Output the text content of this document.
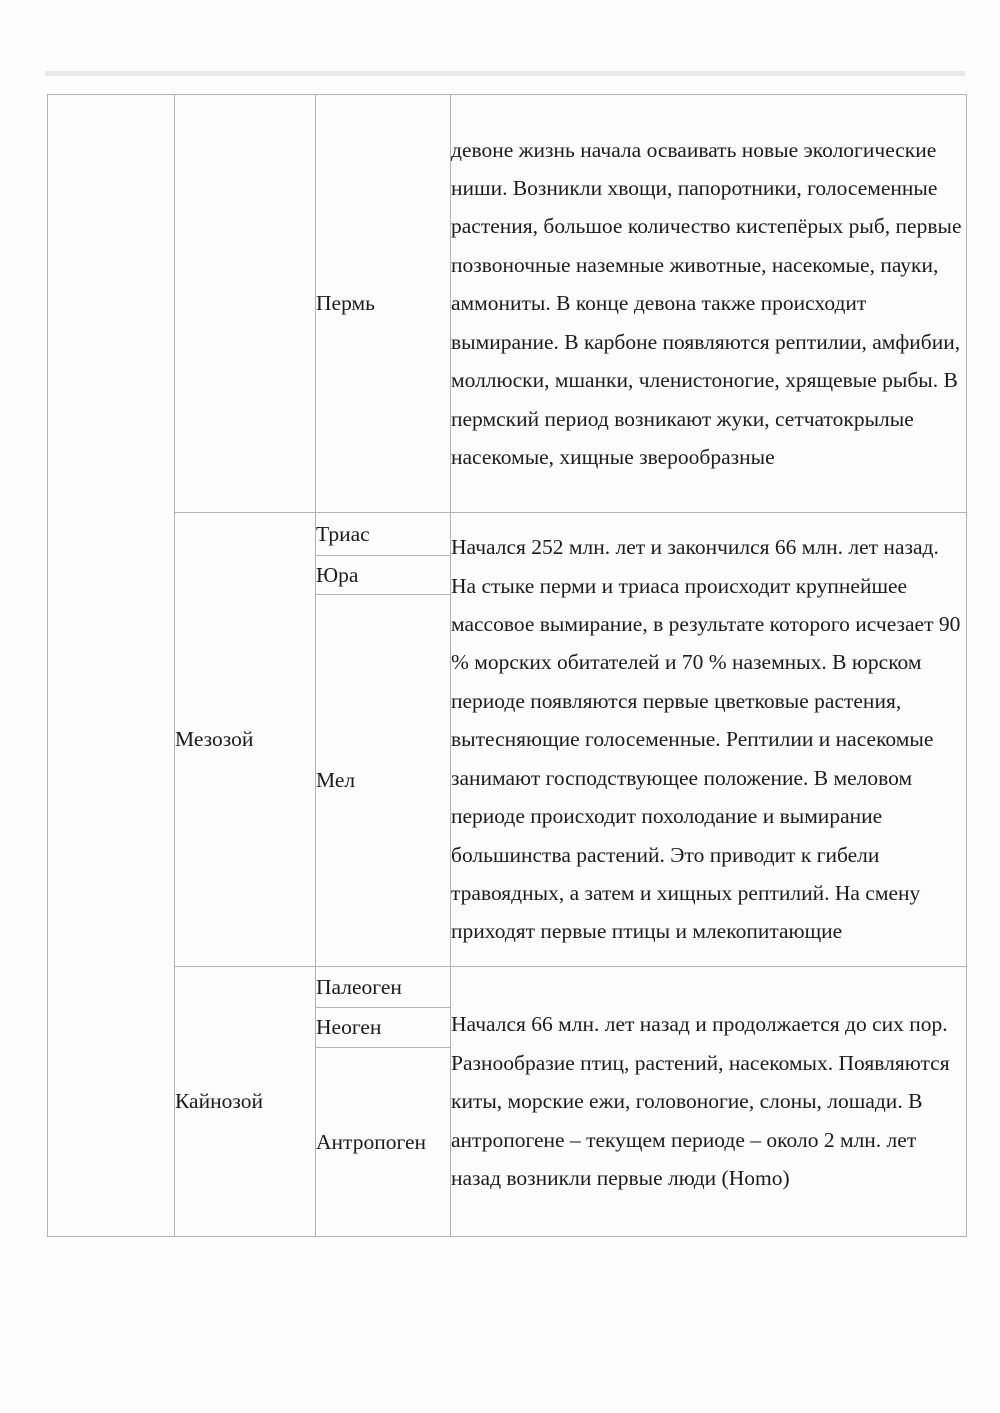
		Пермь	девоне жизнь начала осваивать новые экологические ниши. Возникли хвощи, папоротники, голосеменные растения, большое количество кистепёрых рыб, первые позвоночные наземные животные, насекомые, пауки, аммониты. В конце девона также происходит вымирание. В карбоне появляются рептилии, амфибии, моллюски, мшанки, членистоногие, хрящевые рыбы. В пермский период возникают жуки, сетчатокрылые насекомые, хищные зверообразные
	Мезозой	Триас	Начался 252 млн. лет и закончился 66 млн. лет назад. На стыке перми и триаса происходит крупнейшее массовое вымирание, в результате которого исчезает 90 % морских обитателей и 70 % наземных. В юрском периоде появляются первые цветковые растения, вытесняющие голосеменные. Рептилии и насекомые занимают господствующее положение. В меловом периоде происходит похолодание и вымирание большинства растений. Это приводит к гибели травоядных, а затем и хищных рептилий. На смену приходят первые птицы и млекопитающие
		Юра	
		Мел	
	Кайнозой	Палеоген	Начался 66 млн. лет назад и продолжается до сих пор. Разнообразие птиц, растений, насекомых. Появляются киты, морские ежи, головоногие, слоны, лошади. В антропогене – текущем периоде – около 2 млн. лет назад возникли первые люди (Homo)
		Неоген	
		Антропоген	
